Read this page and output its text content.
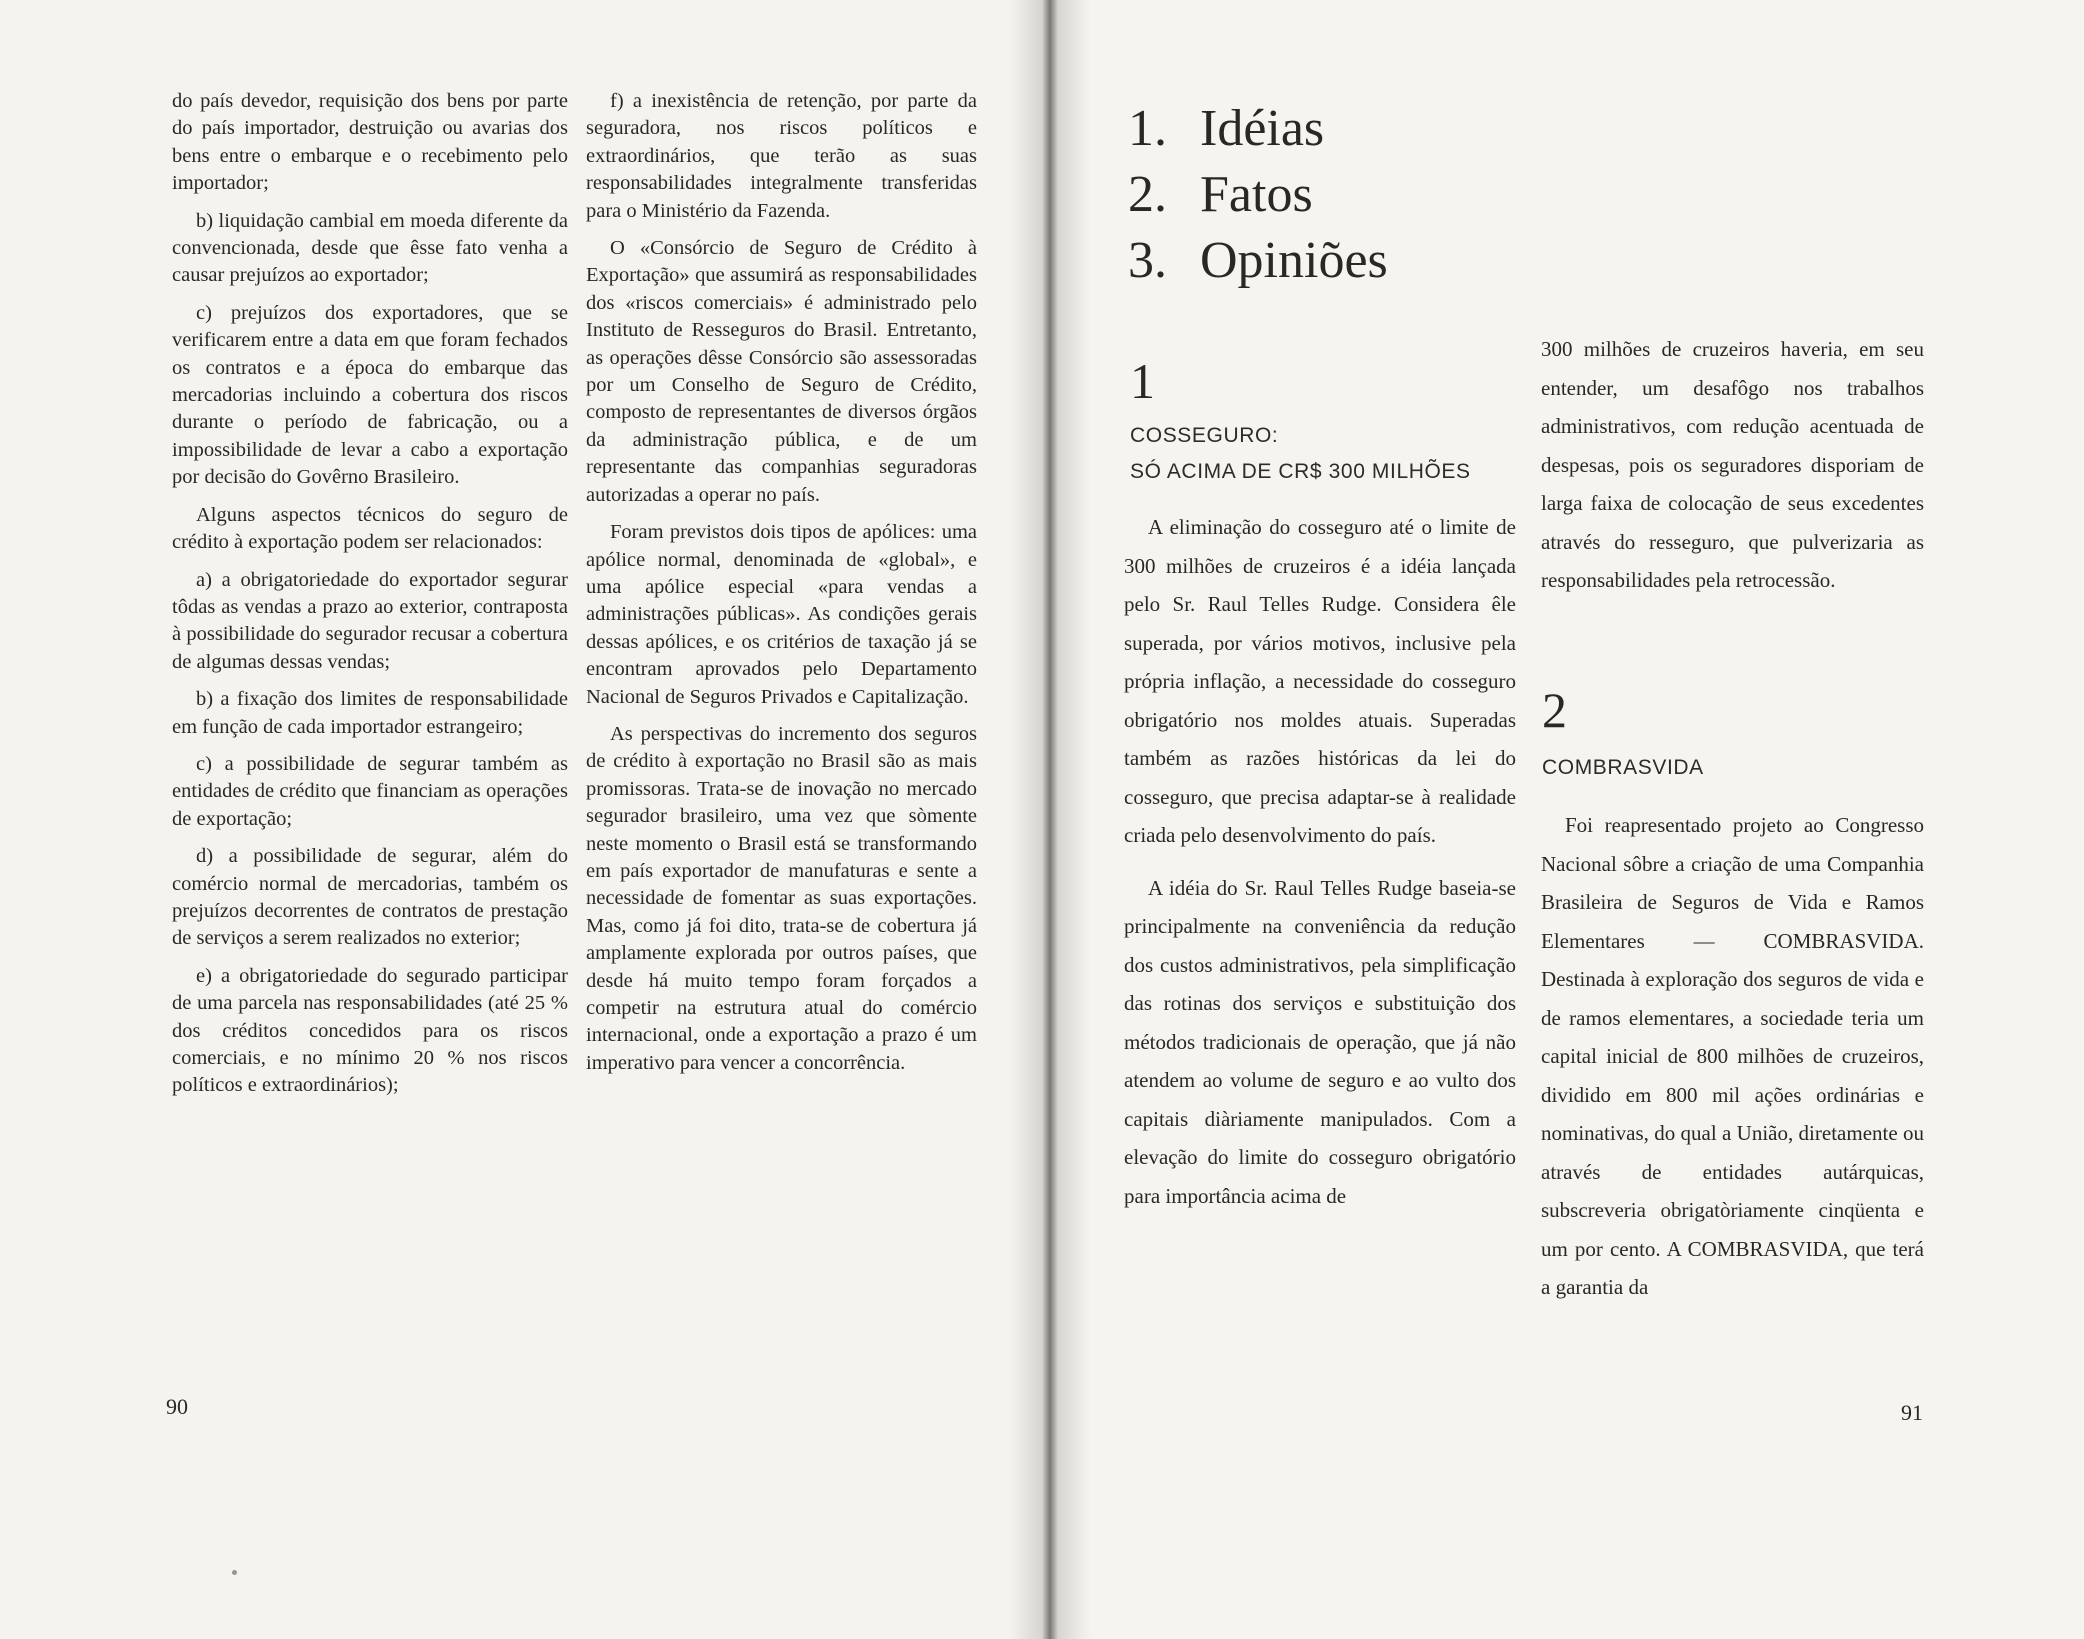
do país devedor, requisição dos bens por parte do país importador, destruição ou avarias dos bens entre o embarque e o recebimento pelo importador;

b) liquidação cambial em moeda diferente da convencionada, desde que êsse fato venha a causar prejuízos ao exportador;

c) prejuízos dos exportadores, que se verificarem entre a data em que foram fechados os contratos e a época do embarque das mercadorias incluindo a cobertura dos riscos durante o período de fabricação, ou a impossibilidade de levar a cabo a exportação por decisão do Govêrno Brasileiro.

Alguns aspectos técnicos do seguro de crédito à exportação podem ser relacionados:

a) a obrigatoriedade do exportador segurar tôdas as vendas a prazo ao exterior, contraposta à possibilidade do segurador recusar a cobertura de algumas dessas vendas;

b) a fixação dos limites de responsabilidade em função de cada importador estrangeiro;

c) a possibilidade de segurar também as entidades de crédito que financiam as operações de exportação;

d) a possibilidade de segurar, além do comércio normal de mercadorias, também os prejuízos decorrentes de contratos de prestação de serviços a serem realizados no exterior;

e) a obrigatoriedade do segurado participar de uma parcela nas responsabilidades (até 25 % dos créditos concedidos para os riscos comerciais, e no mínimo 20 % nos riscos políticos e extraordinários);

f) a inexistência de retenção, por parte da seguradora, nos riscos políticos e extraordinários, que terão as suas responsabilidades integralmente transferidas para o Ministério da Fazenda.

O «Consórcio de Seguro de Crédito à Exportação» que assumirá as responsabilidades dos «riscos comerciais» é administrado pelo Instituto de Resseguros do Brasil. Entretanto, as operações dêsse Consórcio são assessoradas por um Conselho de Seguro de Crédito, composto de representantes de diversos órgãos da administração pública, e de um representante das companhias seguradoras autorizadas a operar no país.

Foram previstos dois tipos de apólices: uma apólice normal, denominada de «global», e uma apólice especial «para vendas a administrações públicas». As condições gerais dessas apólices, e os critérios de taxação já se encontram aprovados pelo Departamento Nacional de Seguros Privados e Capitalização.

As perspectivas do incremento dos seguros de crédito à exportação no Brasil são as mais promissoras. Trata-se de inovação no mercado segurador brasileiro, uma vez que sòmente neste momento o Brasil está se transformando em país exportador de manufaturas e sente a necessidade de fomentar as suas exportações. Mas, como já foi dito, trata-se de cobertura já amplamente explorada por outros países, que desde há muito tempo foram forçados a competir na estrutura atual do comércio internacional, onde a exportação a prazo é um imperativo para vencer a concorrência.

90
1. Idéias
2. Fatos
3. Opiniões
1
COSSEGURO:
SÓ ACIMA DE CR$ 300 MILHÕES

A eliminação do cosseguro até o limite de 300 milhões de cruzeiros é a idéia lançada pelo Sr. Raul Telles Rudge. Considera êle superada, por vários motivos, inclusive pela própria inflação, a necessidade do cosseguro obrigatório nos moldes atuais. Superadas também as razões históricas da lei do cosseguro, que precisa adaptar-se à realidade criada pelo desenvolvimento do país.

A idéia do Sr. Raul Telles Rudge baseia-se principalmente na conveniência da redução dos custos administrativos, pela simplificação das rotinas dos serviços e substituição dos métodos tradicionais de operação, que já não atendem ao volume de seguro e ao vulto dos capitais diàriamente manipulados. Com a elevação do limite do cosseguro obrigatório para importância acima de

300 milhões de cruzeiros haveria, em seu entender, um desafôgo nos trabalhos administrativos, com redução acentuada de despesas, pois os seguradores disporiam de larga faixa de colocação de seus excedentes através do resseguro, que pulverizaria as responsabilidades pela retrocessão.

2
COMBRASVIDA

Foi reapresentado projeto ao Congresso Nacional sôbre a criação de uma Companhia Brasileira de Seguros de Vida e Ramos Elementares — COMBRASVIDA. Destinada à exploração dos seguros de vida e de ramos elementares, a sociedade teria um capital inicial de 800 milhões de cruzeiros, dividido em 800 mil ações ordinárias e nominativas, do qual a União, diretamente ou através de entidades autárquicas, subscreveria obrigatòriamente cinqüenta e um por cento. A COMBRASVIDA, que terá a garantia da

91
